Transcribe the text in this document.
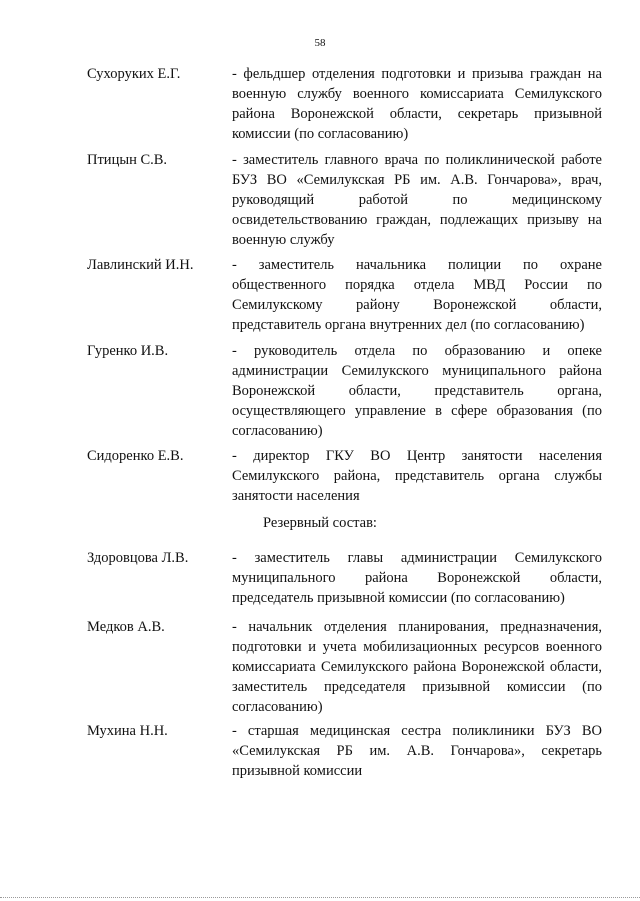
58
Сухоруких Е.Г.	- фельдшер отделения подготовки и призыва граждан на военную службу военного комиссариата Семилукского района Воронежской области, секретарь призывной комиссии (по согласованию)
Птицын С.В.	- заместитель главного врача по поликлинической работе БУЗ ВО «Семилукская РБ им. А.В. Гончарова», врач, руководящий работой по медицинскому освидетельствованию граждан, подлежащих призыву на военную службу
Лавлинский И.Н.	- заместитель начальника полиции по охране общественного порядка отдела МВД России по Семилукскому району Воронежской области, представитель органа внутренних дел (по согласованию)
Гуренко И.В.	- руководитель отдела по образованию и опеке администрации Семилукского муниципального района Воронежской области, представитель органа, осуществляющего управление в сфере образования (по согласованию)
Сидоренко Е.В.	- директор ГКУ ВО Центр занятости населения Семилукского района, представитель органа службы занятости населения
Резервный состав:
Здоровцова Л.В.	- заместитель главы администрации Семилукского муниципального района Воронежской области, председатель призывной комиссии (по согласованию)
Медков А.В.	- начальник отделения планирования, предназначения, подготовки и учета мобилизационных ресурсов военного комиссариата Семилукского района Воронежской области, заместитель председателя призывной комиссии (по согласованию)
Мухина Н.Н.	- старшая медицинская сестра поликлиники БУЗ ВО «Семилукская РБ им. А.В. Гончарова», секретарь призывной комиссии
